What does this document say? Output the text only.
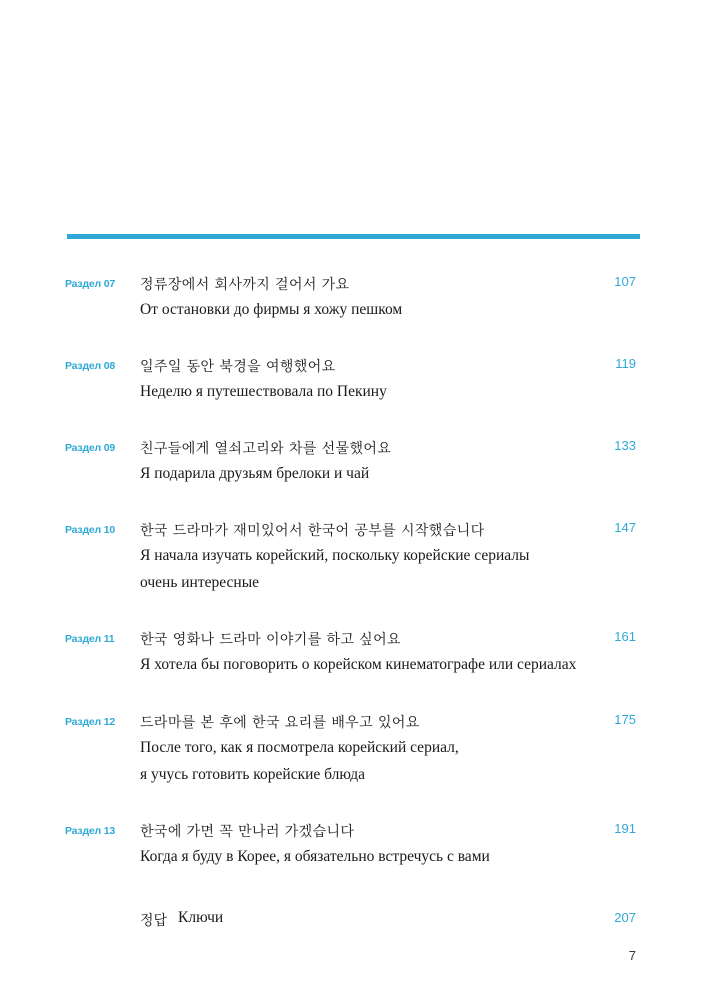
Раздел 07 정류장에서 회사까지 걸어서 가요	107
От остановки до фирмы я хожу пешком
Раздел 08 일주일 동안 북경을 여행했어요	119
Неделю я путешествовала по Пекину
Раздел 09 친구들에게 열쇠고리와 차를 선물했어요	133
Я подарила друзьям брелоки и чай
Раздел 10 한국 드라마가 재미있어서 한국어 공부를 시작했습니다	147
Я начала изучать корейский, поскольку корейские сериалы
очень интересные
Раздел 11 한국 영화나 드라마 이야기를 하고 싶어요	161
Я хотела бы поговорить о корейском кинематографе или сериалах
Раздел 12 드라마를 본 후에 한국 요리를 배우고 있어요	175
После того, как я посмотрела корейский сериал,
я учусь готовить корейские блюда
Раздел 13 한국에 가면 꼭 만나러 가겠습니다	191
Когда я буду в Корее, я обязательно встречусь с вами
정답 Ключи	207
7
